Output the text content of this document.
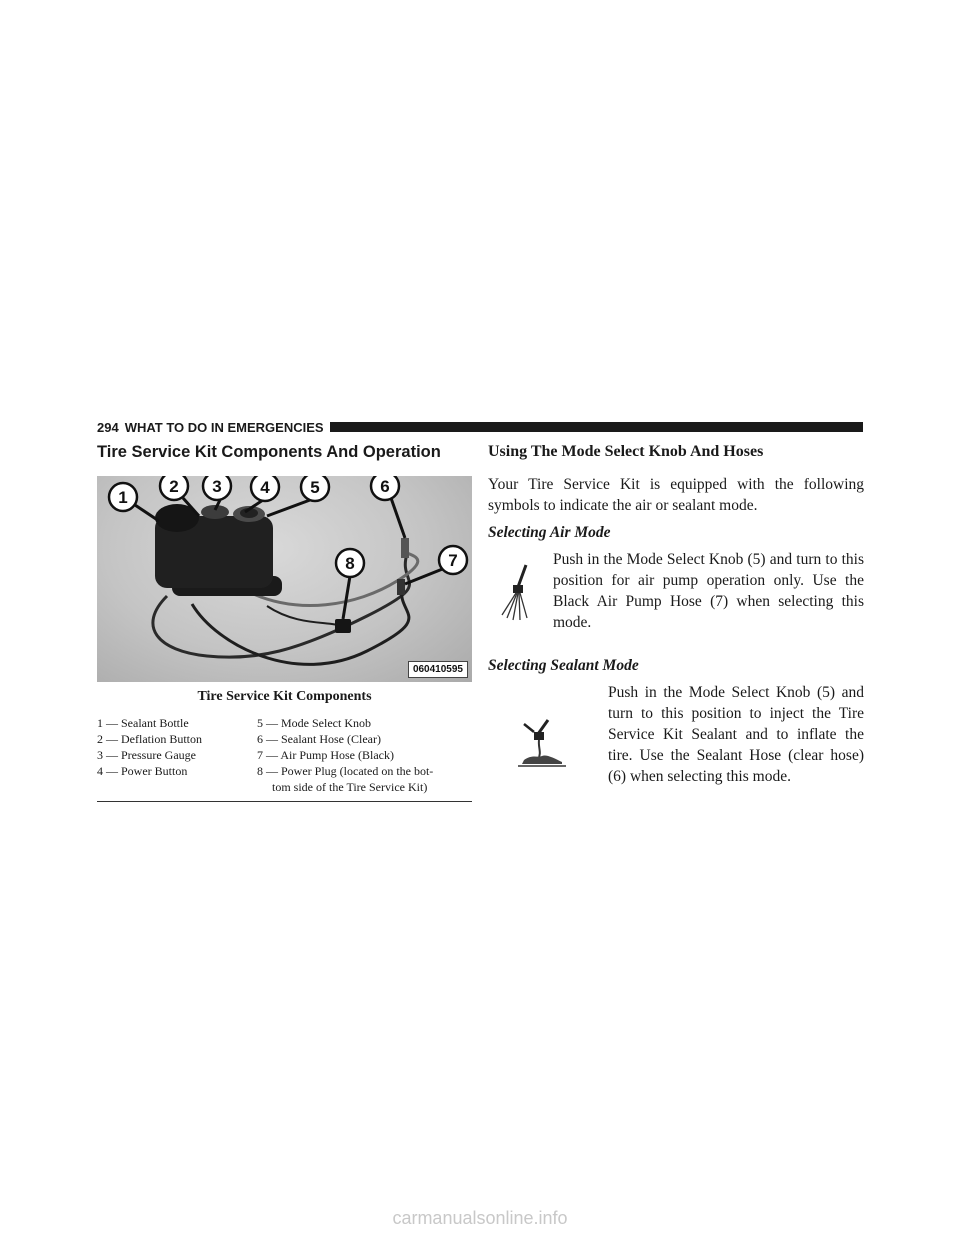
294 WHAT TO DO IN EMERGENCIES
Tire Service Kit Components And Operation
1
2 3 4 5	6
7
8
060410595
Tire Service Kit Components
1 — Sealant Bottle	5 — Mode Select Knob
2 — Deflation Button	6 — Sealant Hose (Clear)
3 — Pressure Gauge	7 — Air Pump Hose (Black)
4 — Power Button	8 — Power Plug (located on the bot-
tom side of the Tire Service Kit)
Using The Mode Select Knob And Hoses

Your Tire Service Kit is equipped with the following symbols to indicate the air or sealant mode.

Selecting Air Mode
Push in the Mode Select Knob (5) and turn to this position for air pump operation only. Use the Black Air Pump Hose (7) when selecting this mode.
Selecting Sealant Mode
Push in the Mode Select Knob (5) and turn to this position to inject the Tire Service Kit Sealant and to inflate the tire. Use the Sealant Hose (clear hose) (6) when selecting this mode.
carmanualsonline.info
